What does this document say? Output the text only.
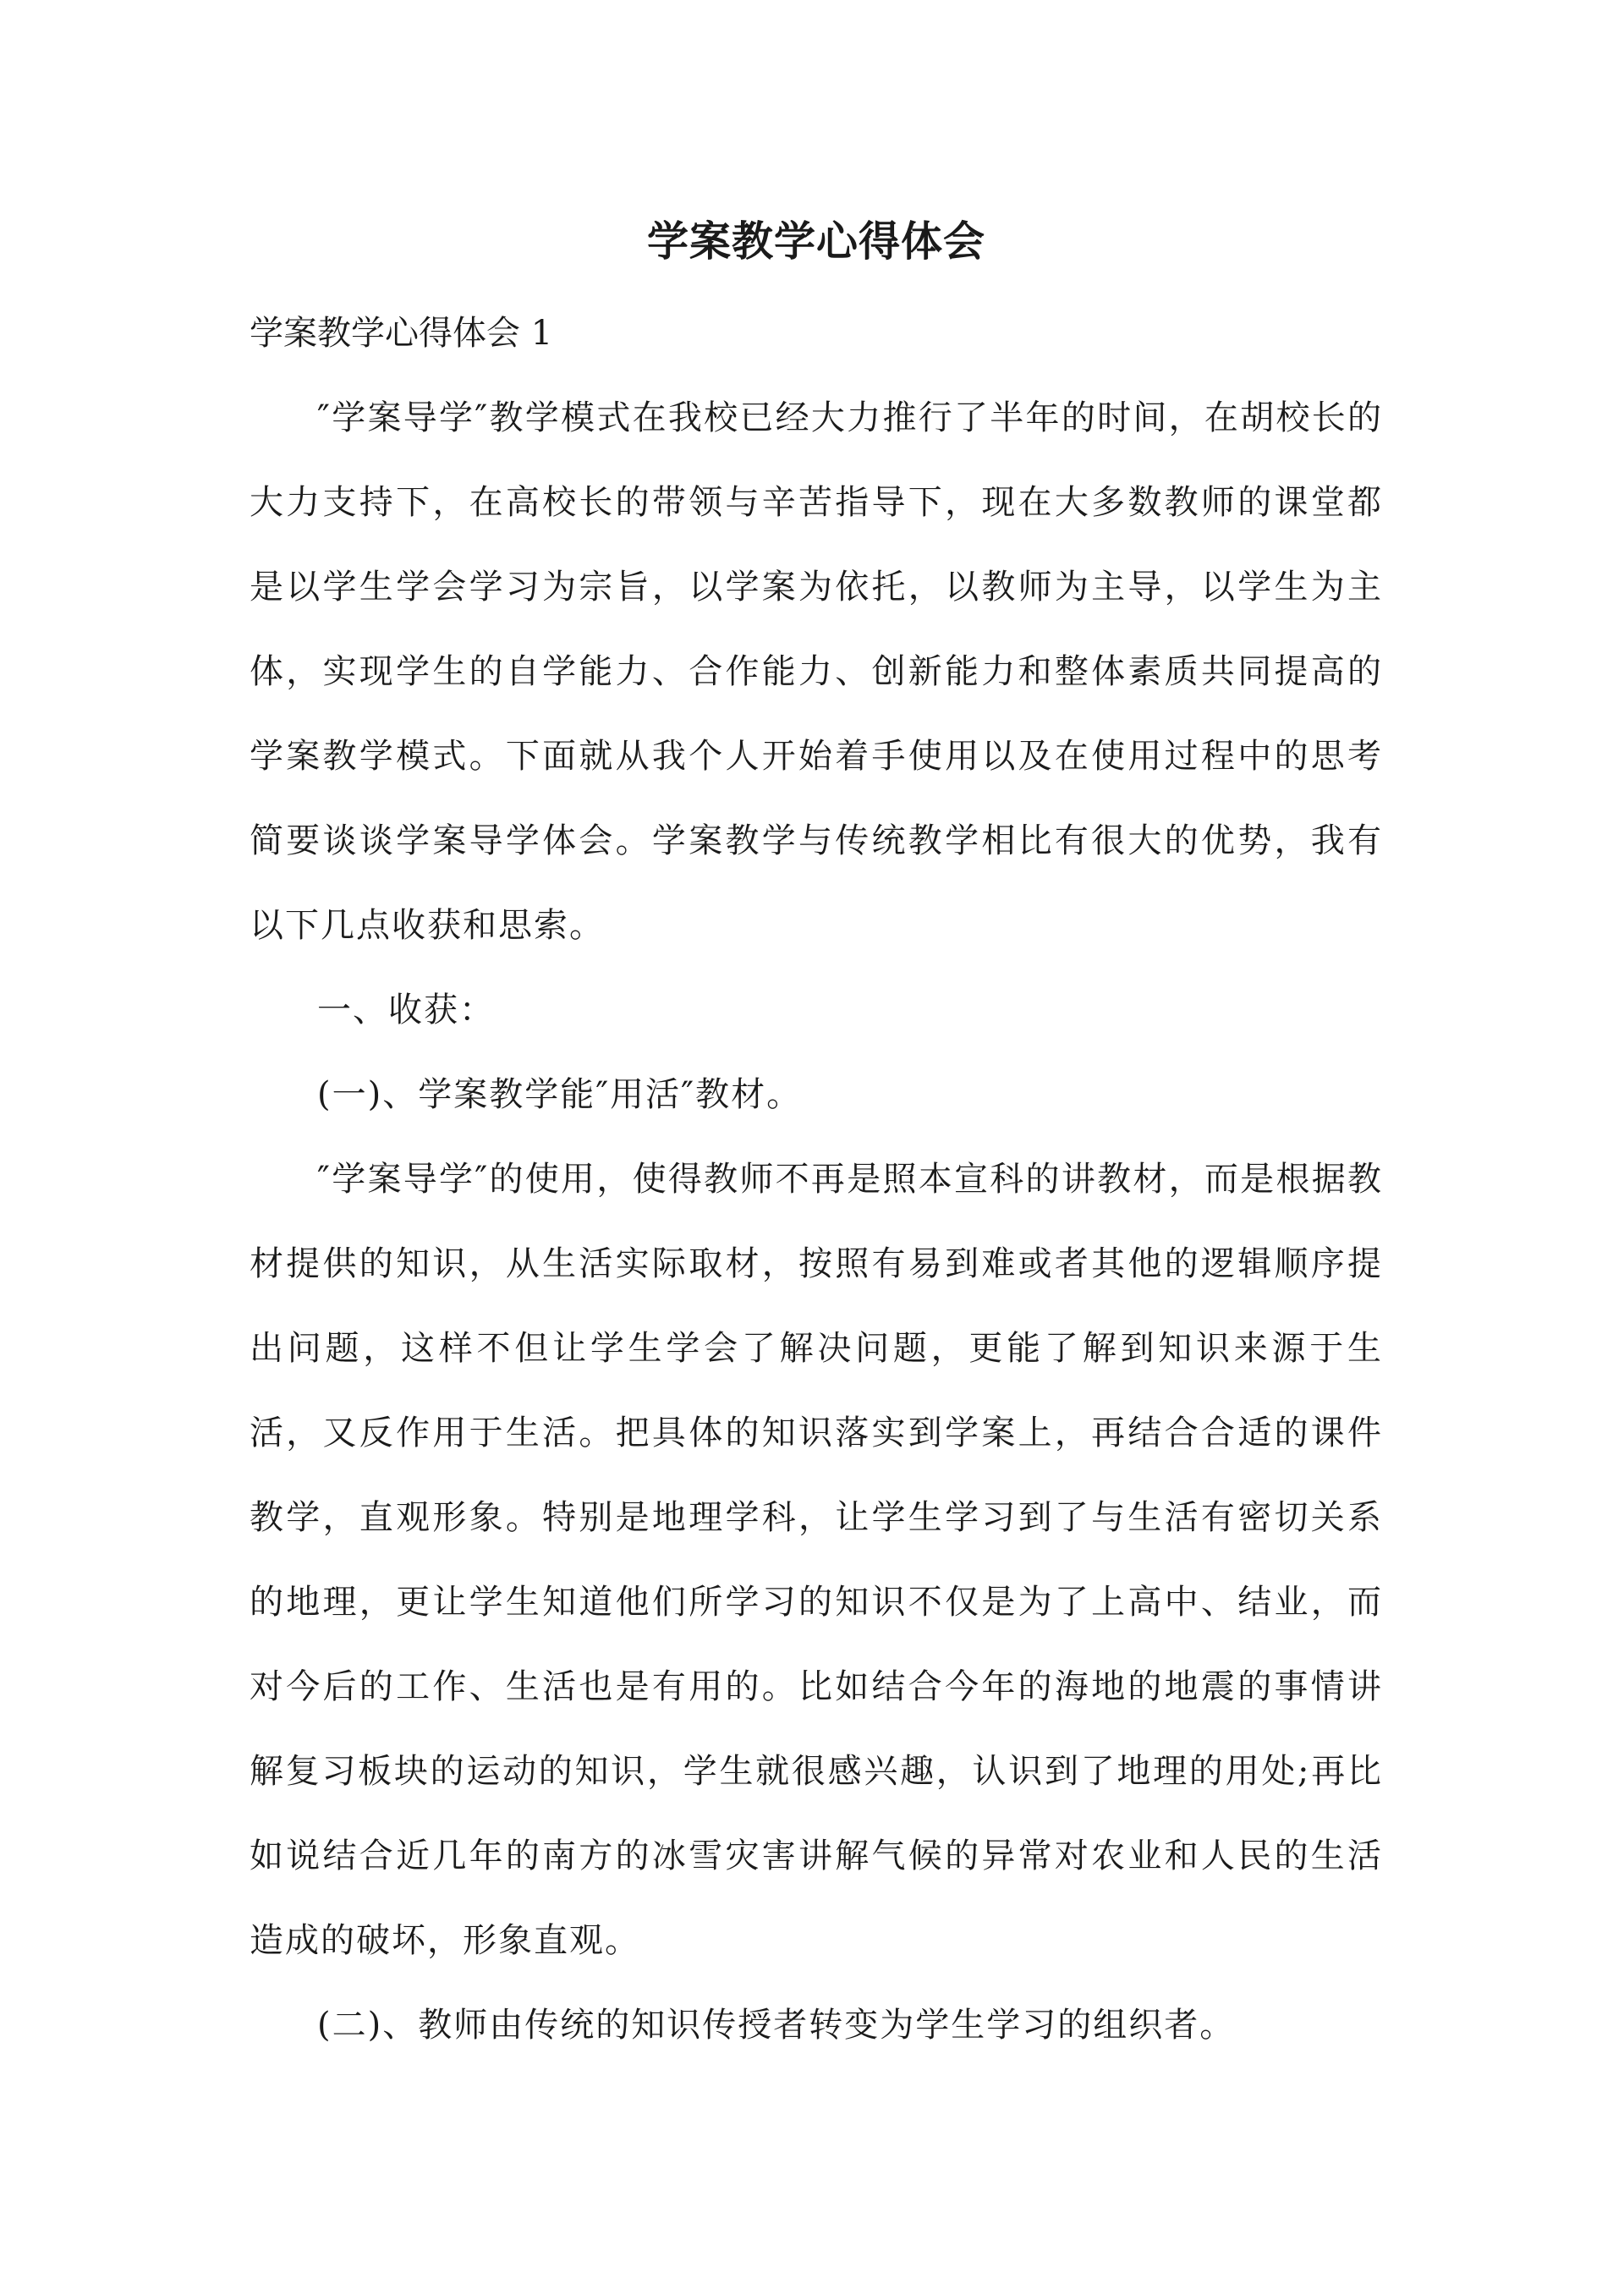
学案教学心得体会

学案教学心得体会 1

″学案导学″教学模式在我校已经大力推行了半年的时间，在胡校长的大力支持下，在高校长的带领与辛苦指导下，现在大多数教师的课堂都是以学生学会学习为宗旨，以学案为依托，以教师为主导，以学生为主体，实现学生的自学能力、合作能力、创新能力和整体素质共同提高的学案教学模式。下面就从我个人开始着手使用以及在使用过程中的思考简要谈谈学案导学体会。学案教学与传统教学相比有很大的优势，我有以下几点收获和思索。

一、收获：

(一)、学案教学能″用活″教材。

″学案导学″的使用，使得教师不再是照本宣科的讲教材，而是根据教材提供的知识，从生活实际取材，按照有易到难或者其他的逻辑顺序提出问题，这样不但让学生学会了解决问题，更能了解到知识来源于生活，又反作用于生活。把具体的知识落实到学案上，再结合合适的课件教学，直观形象。特别是地理学科，让学生学习到了与生活有密切关系的地理，更让学生知道他们所学习的知识不仅是为了上高中、结业，而对今后的工作、生活也是有用的。比如结合今年的海地的地震的事情讲解复习板块的运动的知识，学生就很感兴趣，认识到了地理的用处;再比如说结合近几年的南方的冰雪灾害讲解气候的异常对农业和人民的生活造成的破坏，形象直观。

(二)、教师由传统的知识传授者转变为学生学习的组织者。
